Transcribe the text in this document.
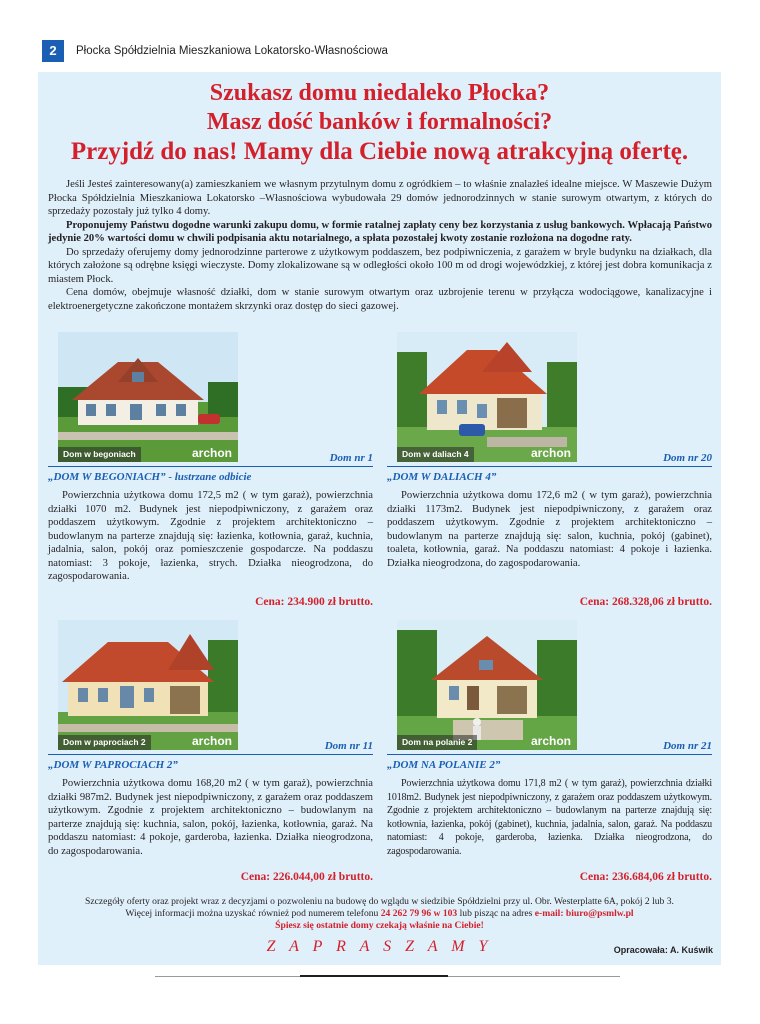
2	Płocka Spółdzielnia Mieszkaniowa Lokatorsko-Własnościowa
Szukasz domu niedaleko Płocka?
Masz dość banków i formalności?
Przyjdź do nas! Mamy dla Ciebie nową atrakcyjną ofertę.

Jeśli Jesteś zainteresowany(a) zamieszkaniem we własnym przytulnym domu z ogródkiem – to właśnie znalazłeś idealne miejsce. W Maszewie Dużym Płocka Spółdzielnia Mieszkaniowa Lokatorsko –Własnościowa wybudowała 29 domów jednorodzinnych w stanie surowym otwartym, z których do sprzedaży pozostały już tylko 4 domy.

Proponujemy Państwu dogodne warunki zakupu domu, w formie ratalnej zapłaty ceny bez korzystania z usług bankowych. Wpłacają Państwo jedynie 20% wartości domu w chwili podpisania aktu notarialnego, a spłata pozostałej kwoty zostanie rozłożona na dogodne raty.

Do sprzedaży oferujemy domy jednorodzinne parterowe z użytkowym poddaszem, bez podpiwniczenia, z garażem w bryle budynku na działkach, dla których założone są odrębne księgi wieczyste. Domy zlokalizowane są w odległości około 100 m od drogi wojewódzkiej, z której jest dobra komunikacja z miastem Płock.

Cena domów, obejmuje własność działki, dom w stanie surowym otwartym oraz uzbrojenie terenu w przyłącza wodociągowe, kanalizacyjne i elektroenergetyczne zakończone montażem skrzynki oraz dostęp do sieci gazowej.

Dom w begoniach	archon	Dom nr 1
„DOM W BEGONIACH” - lustrzane odbicie
Powierzchnia użytkowa domu 172,5 m2 ( w tym garaż), powierzchnia działki 1070 m2. Budynek jest niepodpiwniczony, z garażem oraz poddaszem użytkowym. Zgodnie z projektem architektoniczno – budowlanym na parterze znajdują się: łazienka, kotłownia, garaż, kuchnia, jadalnia, salon, pokój oraz pomieszczenie gospodarcze. Na poddaszu natomiast: 3 pokoje, łazienka, strych. Działka nieogrodzona, do zagospodarowania.
Cena: 234.900 zł brutto.
Dom w daliach 4	archon	Dom nr 20
„DOM W DALIACH 4”
Powierzchnia użytkowa domu 172,6 m2 ( w tym garaż), powierzchnia działki 1173m2. Budynek jest niepodpiwniczony, z garażem oraz poddaszem użytkowym. Zgodnie z projektem architektoniczno – budowlanym na parterze znajdują się: salon, kuchnia, pokój (gabinet), toaleta, kotłownia, garaż. Na poddaszu natomiast: 4 pokoje i łazienka. Działka nieogrodzona, do zagospodarowania.
Cena: 268.328,06 zł brutto.
Dom w paprociach 2	archon	Dom nr 11
„DOM W PAPROCIACH 2”
Powierzchnia użytkowa domu 168,20 m2 ( w tym garaż), powierzchnia działki 987m2. Budynek jest niepodpiwniczony, z garażem oraz poddaszem użytkowym. Zgodnie z projektem architektoniczno – budowlanym na parterze znajdują się: kuchnia, salon, pokój, łazienka, kotłownia, garaż. Na poddaszu natomiast: 4 pokoje, garderoba, łazienka. Działka nieogrodzona, do zagospodarowania.
Cena: 226.044,00 zł brutto.
Dom na polanie 2	archon	Dom nr 21
„DOM NA POLANIE 2”
Powierzchnia użytkowa domu 171,8 m2 ( w tym garaż), powierzchnia działki 1018m2. Budynek jest niepodpiwniczony, z garażem oraz poddaszem użytkowym. Zgodnie z projektem architektoniczno – budowlanym na parterze znajdują się: kotłownia, łazienka, pokój (gabinet), kuchnia, jadalnia, salon, garaż. Na poddaszu natomiast: 4 pokoje, garderoba, łazienka. Działka nieogrodzona, do zagospodarowania.
Cena: 236.684,06 zł brutto.
Szczegóły oferty oraz projekt wraz z decyzjami o pozwoleniu na budowę do wglądu w siedzibie Spółdzielni przy ul. Obr. Westerplatte 6A, pokój 2 lub 3.
Więcej informacji można uzyskać również pod numerem telefonu 24 262 79 96 w 103 lub pisząc na adres e-mail: biuro@psmlw.pl
Śpiesz się ostatnie domy czekają właśnie na Ciebie!
Z A P R A S Z A M Y	Opracowała: A. Kuświk
